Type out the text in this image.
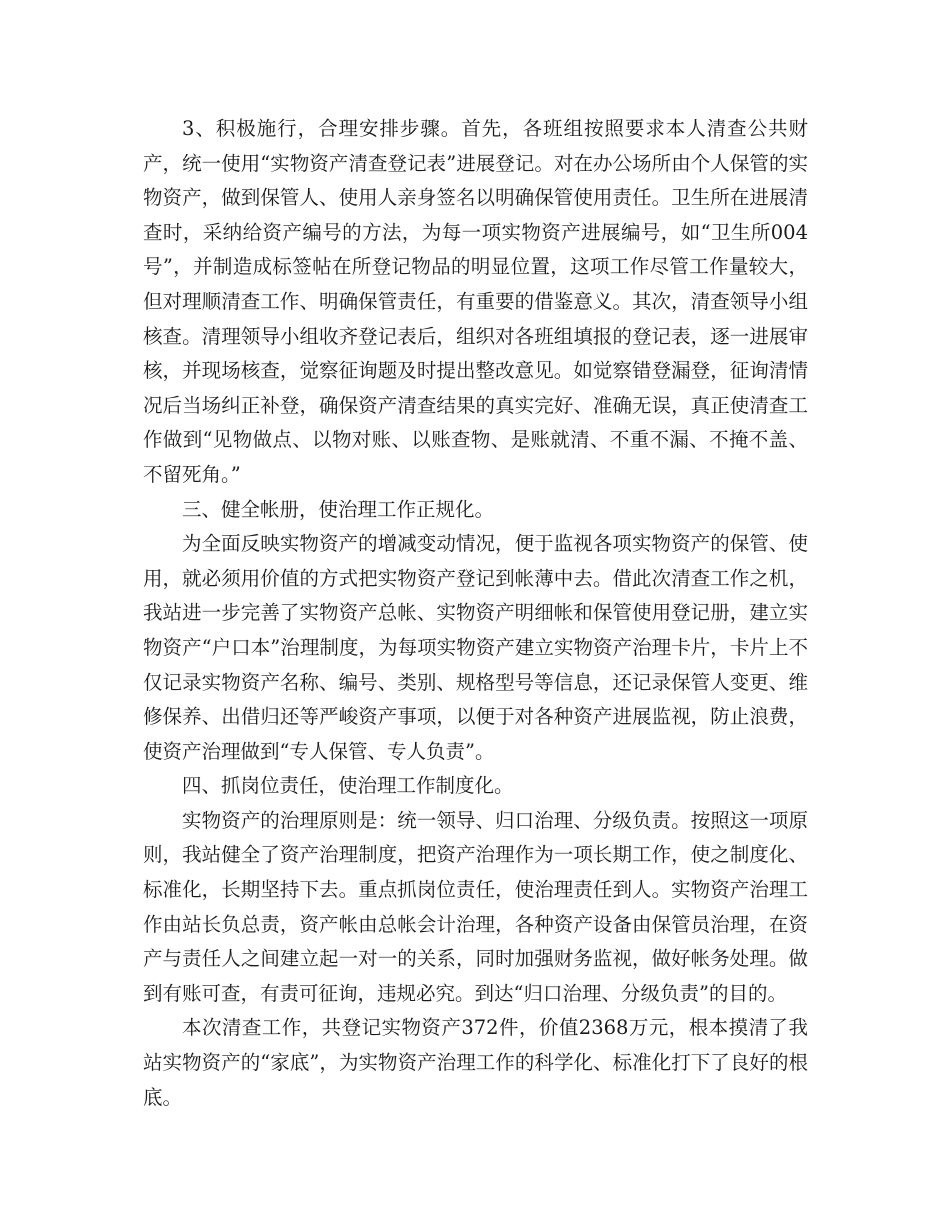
3、积极施行，合理安排步骤。首先，各班组按照要求本人清查公共财产，统一使用“实物资产清查登记表”进展登记。对在办公场所由个人保管的实物资产，做到保管人、使用人亲身签名以明确保管使用责任。卫生所在进展清查时，采纳给资产编号的方法，为每一项实物资产进展编号，如“卫生所004号”，并制造成标签帖在所登记物品的明显位置，这项工作尽管工作量较大，但对理顺清查工作、明确保管责任，有重要的借鉴意义。其次，清查领导小组核查。清理领导小组收齐登记表后，组织对各班组填报的登记表，逐一进展审核，并现场核查，觉察征询题及时提出整改意见。如觉察错登漏登，征询清情况后当场纠正补登，确保资产清查结果的真实完好、准确无误，真正使清查工作做到“见物做点、以物对账、以账查物、是账就清、不重不漏、不掩不盖、不留死角。”

三、健全帐册，使治理工作正规化。

为全面反映实物资产的增减变动情况，便于监视各项实物资产的保管、使用，就必须用价值的方式把实物资产登记到帐薄中去。借此次清查工作之机，我站进一步完善了实物资产总帐、实物资产明细帐和保管使用登记册，建立实物资产“户口本”治理制度，为每项实物资产建立实物资产治理卡片，卡片上不仅记录实物资产名称、编号、类别、规格型号等信息，还记录保管人变更、维修保养、出借归还等严峻资产事项，以便于对各种资产进展监视，防止浪费，使资产治理做到“专人保管、专人负责”。

四、抓岗位责任，使治理工作制度化。

实物资产的治理原则是：统一领导、归口治理、分级负责。按照这一项原则，我站健全了资产治理制度，把资产治理作为一项长期工作，使之制度化、标准化，长期坚持下去。重点抓岗位责任，使治理责任到人。实物资产治理工作由站长负总责，资产帐由总帐会计治理，各种资产设备由保管员治理，在资产与责任人之间建立起一对一的关系，同时加强财务监视，做好帐务处理。做到有账可查，有责可征询，违规必究。到达“归口治理、分级负责”的目的。

本次清查工作，共登记实物资产372件，价值2368万元，根本摸清了我站实物资产的“家底”，为实物资产治理工作的科学化、标准化打下了良好的根底。
